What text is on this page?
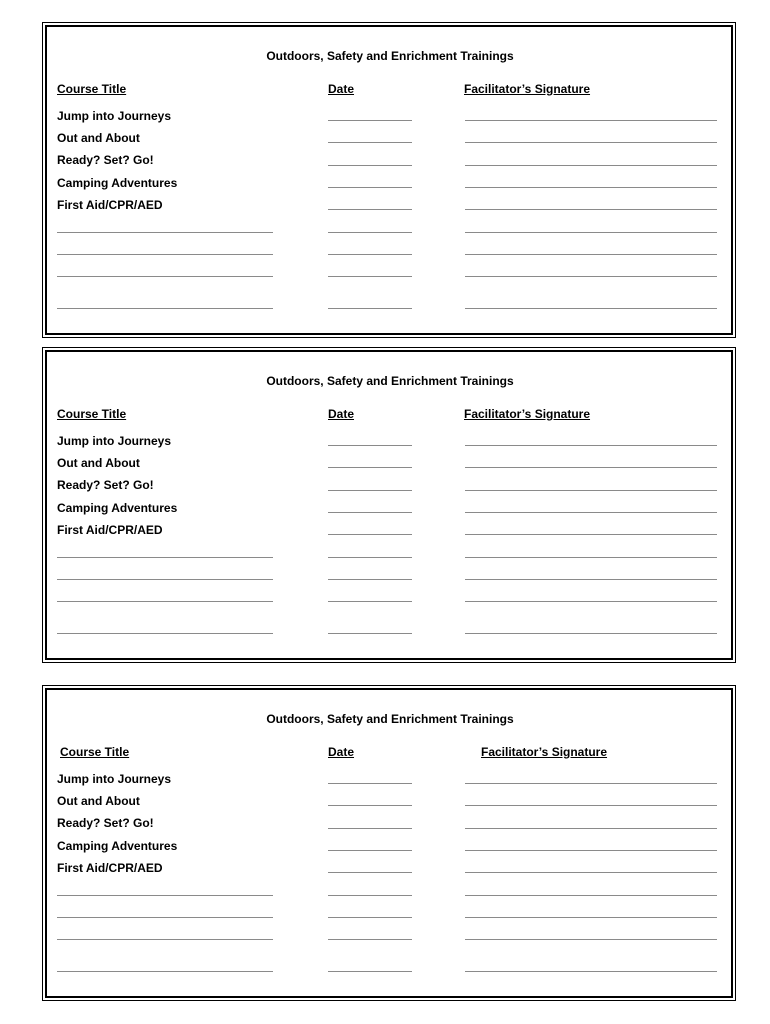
Outdoors, Safety and Enrichment Trainings
Course Title	Date	Facilitator’s Signature
Jump into Journeys
Out and About
Ready? Set? Go!
Camping Adventures
First Aid/CPR/AED
Outdoors, Safety and Enrichment Trainings
Course Title	Date	Facilitator’s Signature
Jump into Journeys
Out and About
Ready? Set? Go!
Camping Adventures
First Aid/CPR/AED
Outdoors, Safety and Enrichment Trainings
Course Title	Date	Facilitator’s Signature
Jump into Journeys
Out and About
Ready? Set? Go!
Camping Adventures
First Aid/CPR/AED
